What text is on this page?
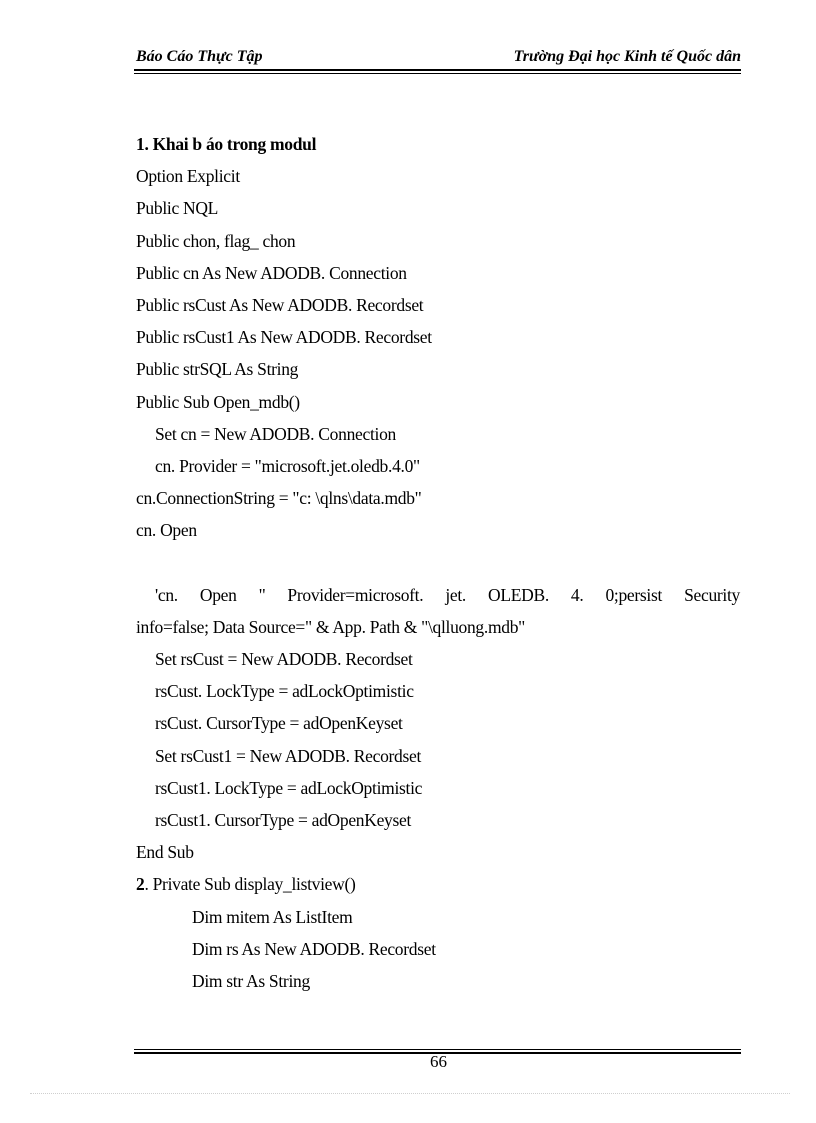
Báo Cáo Thực Tập	Trường Đại học Kinh tế Quốc dân
1. Khai b áo trong modul
Option Explicit
Public NQL
Public chon, flag_ chon
Public cn As New ADODB. Connection
Public rsCust As New ADODB. Recordset
Public rsCust1 As New ADODB. Recordset
Public strSQL As String
Public Sub Open_mdb()
Set cn = New ADODB. Connection
cn. Provider = "microsoft.jet.oledb.4.0"
cn.ConnectionString = "c: \qlns\data.mdb"
cn. Open
'cn. Open " Provider=microsoft. jet. OLEDB. 4. 0;persist Security
info=false; Data Source=" & App. Path & "\qlluong.mdb"
Set rsCust = New ADODB. Recordset
rsCust. LockType = adLockOptimistic
rsCust. CursorType = adOpenKeyset
Set rsCust1 = New ADODB. Recordset
rsCust1. LockType = adLockOptimistic
rsCust1. CursorType = adOpenKeyset
End Sub
2. Private Sub display_listview()
Dim mitem As ListItem
Dim rs As New ADODB. Recordset
Dim str As String
66
